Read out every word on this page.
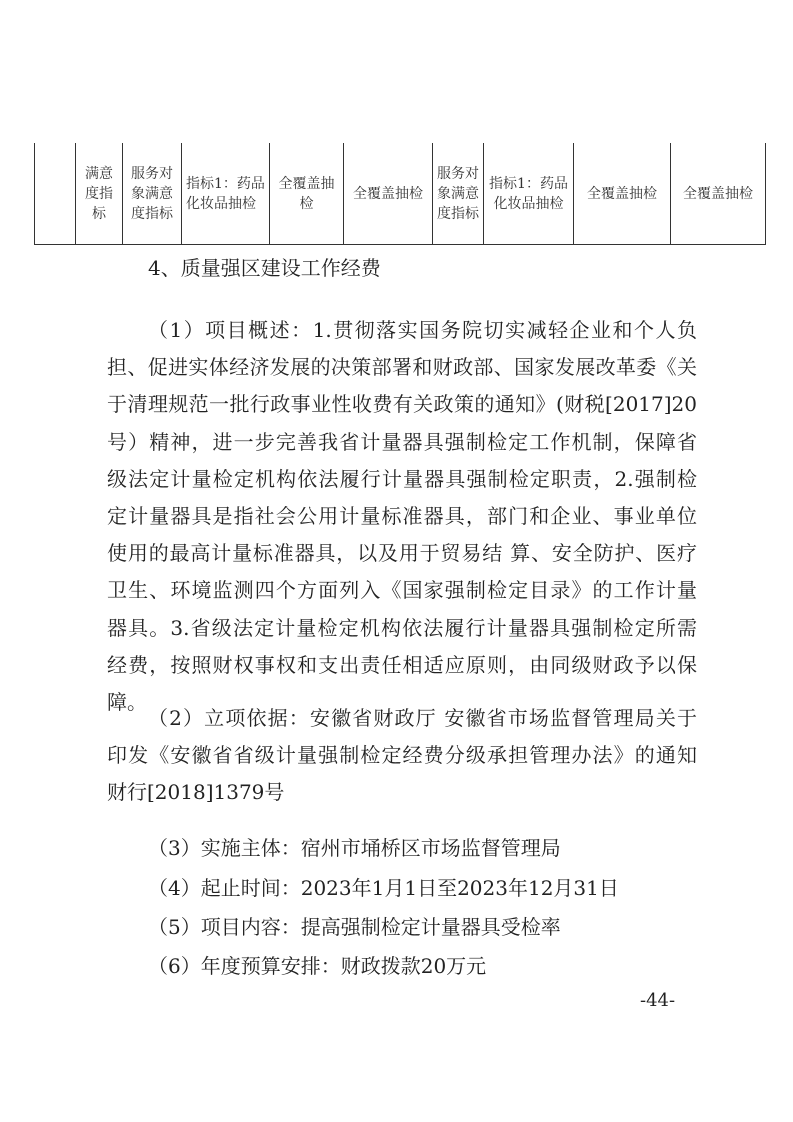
	满意度指标	服务对象满意度指标	指标1：药品化妆品抽检	全覆盖抽检	全覆盖抽检	服务对象满意度指标	指标1：药品化妆品抽检	全覆盖抽检	全覆盖抽检
4、质量强区建设工作经费
（1）项目概述：1.贯彻落实国务院切实减轻企业和个人负
担、促进实体经济发展的决策部署和财政部、国家发展改革委《关
于清理规范一批行政事业性收费有关政策的通知》(财税[2017]20
号）精神，进一步完善我省计量器具强制检定工作机制，保障省
级法定计量检定机构依法履行计量器具强制检定职责，2.强制检
定计量器具是指社会公用计量标准器具，部门和企业、事业单位
使用的最高计量标准器具，以及用于贸易结 算、安全防护、医疗
卫生、环境监测四个方面列入《国家强制检定目录》的工作计量
器具。3.省级法定计量检定机构依法履行计量器具强制检定所需
经费，按照财权事权和支出责任相适应原则，由同级财政予以保
障。
（2）立项依据：安徽省财政厅 安徽省市场监督管理局关于
印发《安徽省省级计量强制检定经费分级承担管理办法》的通知
财行[2018]1379号
（3）实施主体：宿州市埇桥区市场监督管理局
（4）起止时间：2023年1月1日至2023年12月31日
（5）项目内容：提高强制检定计量器具受检率
（6）年度预算安排：财政拨款20万元
-44-
